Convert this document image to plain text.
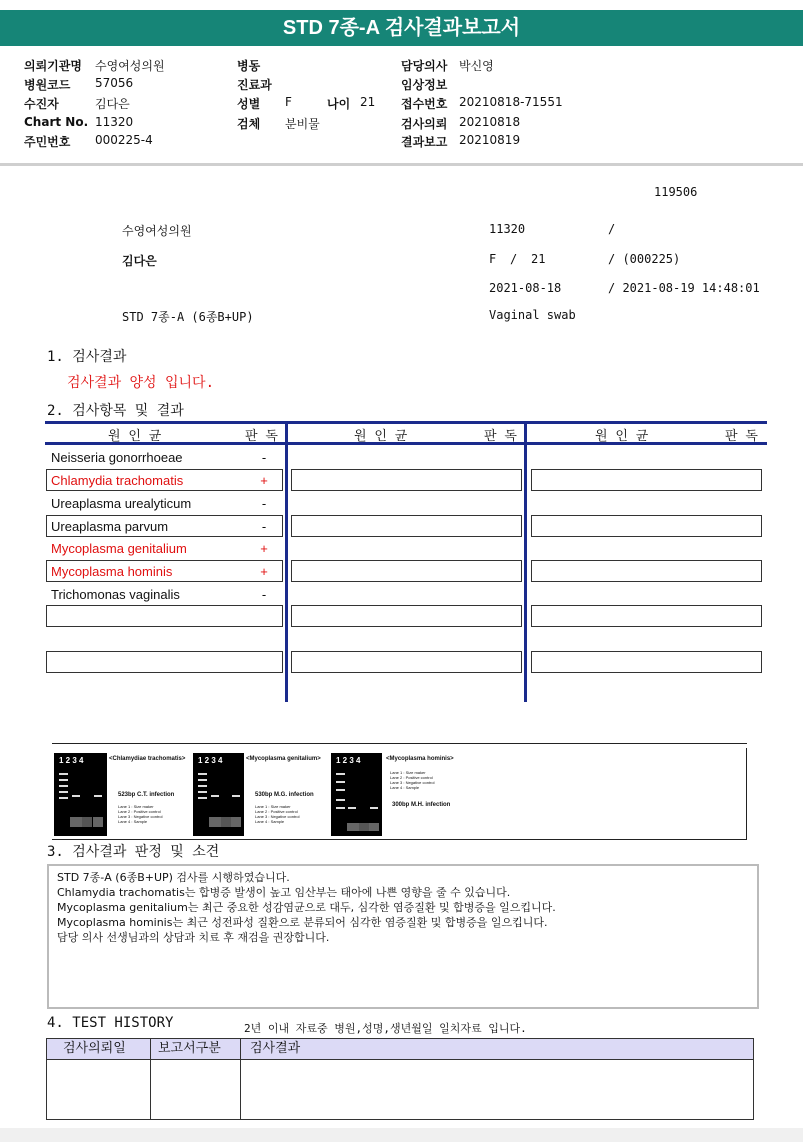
STD 7종-A 검사결과보고서
의뢰기관명 수영여성의원
병원코드 57056
수진자	김다은
Chart No. 11320
주민번호 000225-4
병동
진료과
성별 F	나이 21
검체 분비물
담당의사 박신영
임상정보
접수번호 20210818-71551
검사의뢰 20210818
결과보고 20210819
119506
수영여성의원	11320	/
김다은	F / 21	/ (000225)
2021-08-18	/ 2021-08-19 14:48:01
STD 7종-A (6종B+UP)	Vaginal swab
1. 검사결과
검사결과 양성 입니다.
2. 검사항목 및 결과
원 인 균	판 독	원 인 균	판 독	원 인 균	판 독
Neisseria gonorrhoeae	-
Chlamydia trachomatis	+
Ureaplasma urealyticum	-
Ureaplasma parvum	-
Mycoplasma genitalium	+
Mycoplasma hominis	+
Trichomonas vaginalis	-
1 2 3 4	<Chlamydiae trachomatis>
523bp C.T. infection
Lane 1 : Size maker
Lane 2 : Positive control
Lane 3 : Negative control
Lane 4 : Sample
1 2 3 4	<Mycoplasma genitalium>
530bp M.G. infection
Lane 1 : Size maker
Lane 2 : Positive control
Lane 3 : Negative control
Lane 4 : Sample
1 2 3 4	<Mycoplasma hominis>
Lane 1 : Size maker
Lane 2 : Positive control
Lane 3 : Negative control
Lane 4 : Sample
300bp M.H. infection
3. 검사결과 판정 및 소견
STD 7종-A (6종B+UP) 검사를 시행하였습니다.
Chlamydia trachomatis는 합병증 발생이 높고 임산부는 태아에 나쁜 영향을 줄 수 있습니다.
Mycoplasma genitalium는 최근 중요한 성감염균으로 대두, 심각한 염증질환 및 합병증을 일으킵니다.
Mycoplasma hominis는 최근 성전파성 질환으로 분류되어 심각한 염증질환 및 합병증을 일으킵니다.
담당 의사 선생님과의 상담과 치료 후 재검을 권장합니다.
4. TEST HISTORY	2년 이내 자료중 병원,성명,생년월일 일치자료 입니다.
검사의뢰일 보고서구분 검사결과
